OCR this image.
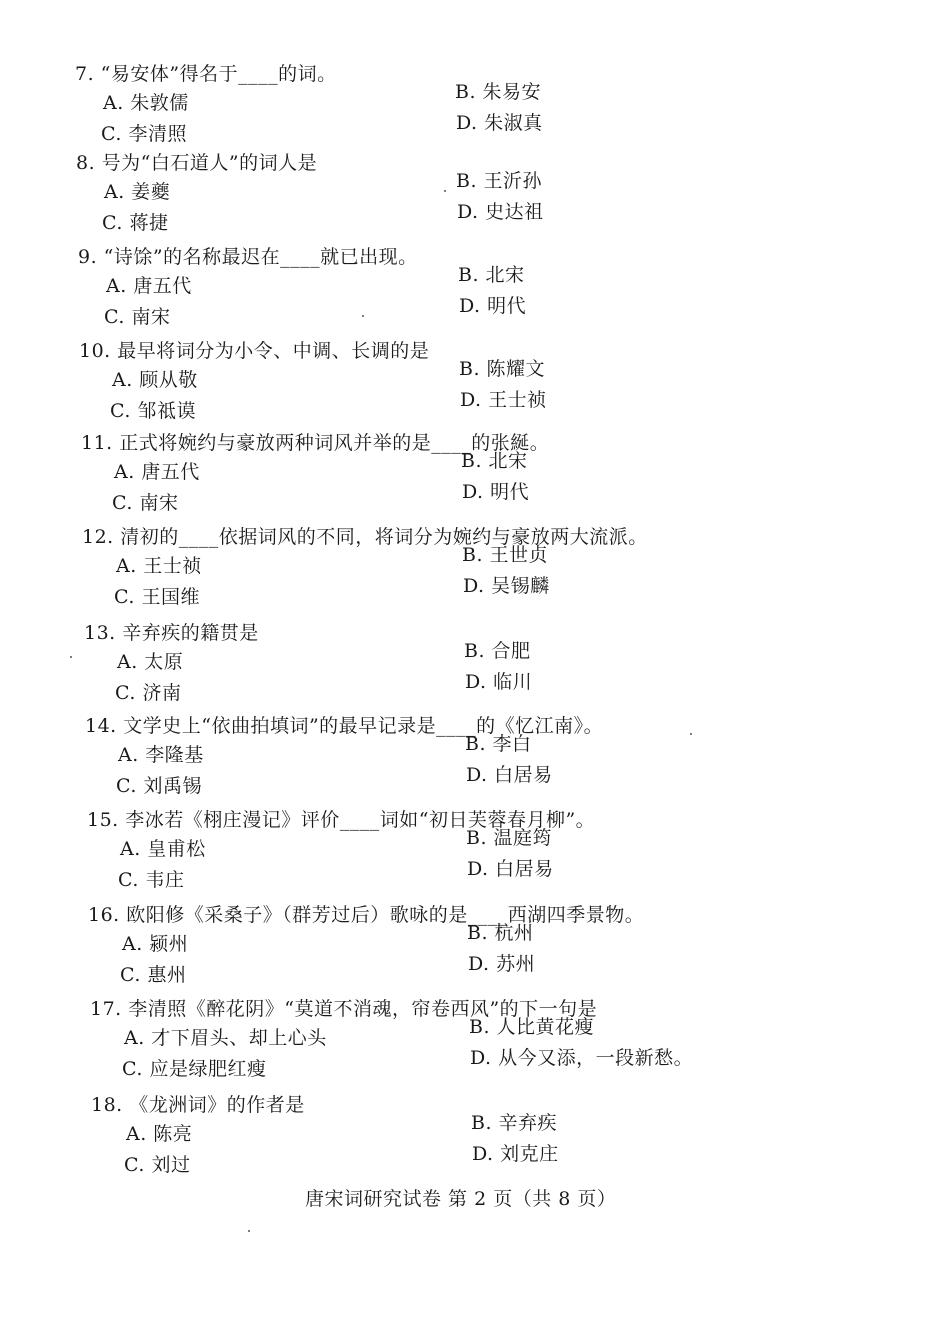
7. “易安体”得名于____的词。
A. 朱敦儒	B. 朱易安
C. 李清照	D. 朱淑真
8. 号为“白石道人”的词人是
A. 姜夔	B. 王沂孙
C. 蒋捷	D. 史达祖
9. “诗馀”的名称最迟在____就已出现。
A. 唐五代	B. 北宋
C. 南宋	D. 明代
10. 最早将词分为小令、中调、长调的是
A. 顾从敬	B. 陈耀文
C. 邹祗谟	D. 王士祯
11. 正式将婉约与豪放两种词风并举的是____的张綖。
A. 唐五代	B. 北宋
C. 南宋	D. 明代
12. 清初的____依据词风的不同，将词分为婉约与豪放两大流派。
A. 王士祯	B. 王世贞
C. 王国维	D. 吴锡麟
13. 辛弃疾的籍贯是
A. 太原	B. 合肥
C. 济南	D. 临川
14. 文学史上“依曲拍填词”的最早记录是____的《忆江南》。
A. 李隆基	B. 李白
C. 刘禹锡	D. 白居易
15. 李冰若《栩庄漫记》评价____词如“初日芙蓉春月柳”。
A. 皇甫松	B. 温庭筠
C. 韦庄	D. 白居易
16. 欧阳修《采桑子》（群芳过后）歌咏的是____西湖四季景物。
A. 颍州	B. 杭州
C. 惠州	D. 苏州
17. 李清照《醉花阴》“莫道不消魂，帘卷西风”的下一句是
A. 才下眉头、却上心头	B. 人比黄花瘦
C. 应是绿肥红瘦	D. 从今又添，一段新愁。
18. 《龙洲词》的作者是
A. 陈亮	B. 辛弃疾
C. 刘过	D. 刘克庄
唐宋词研究试卷 第 2 页（共 8 页）
